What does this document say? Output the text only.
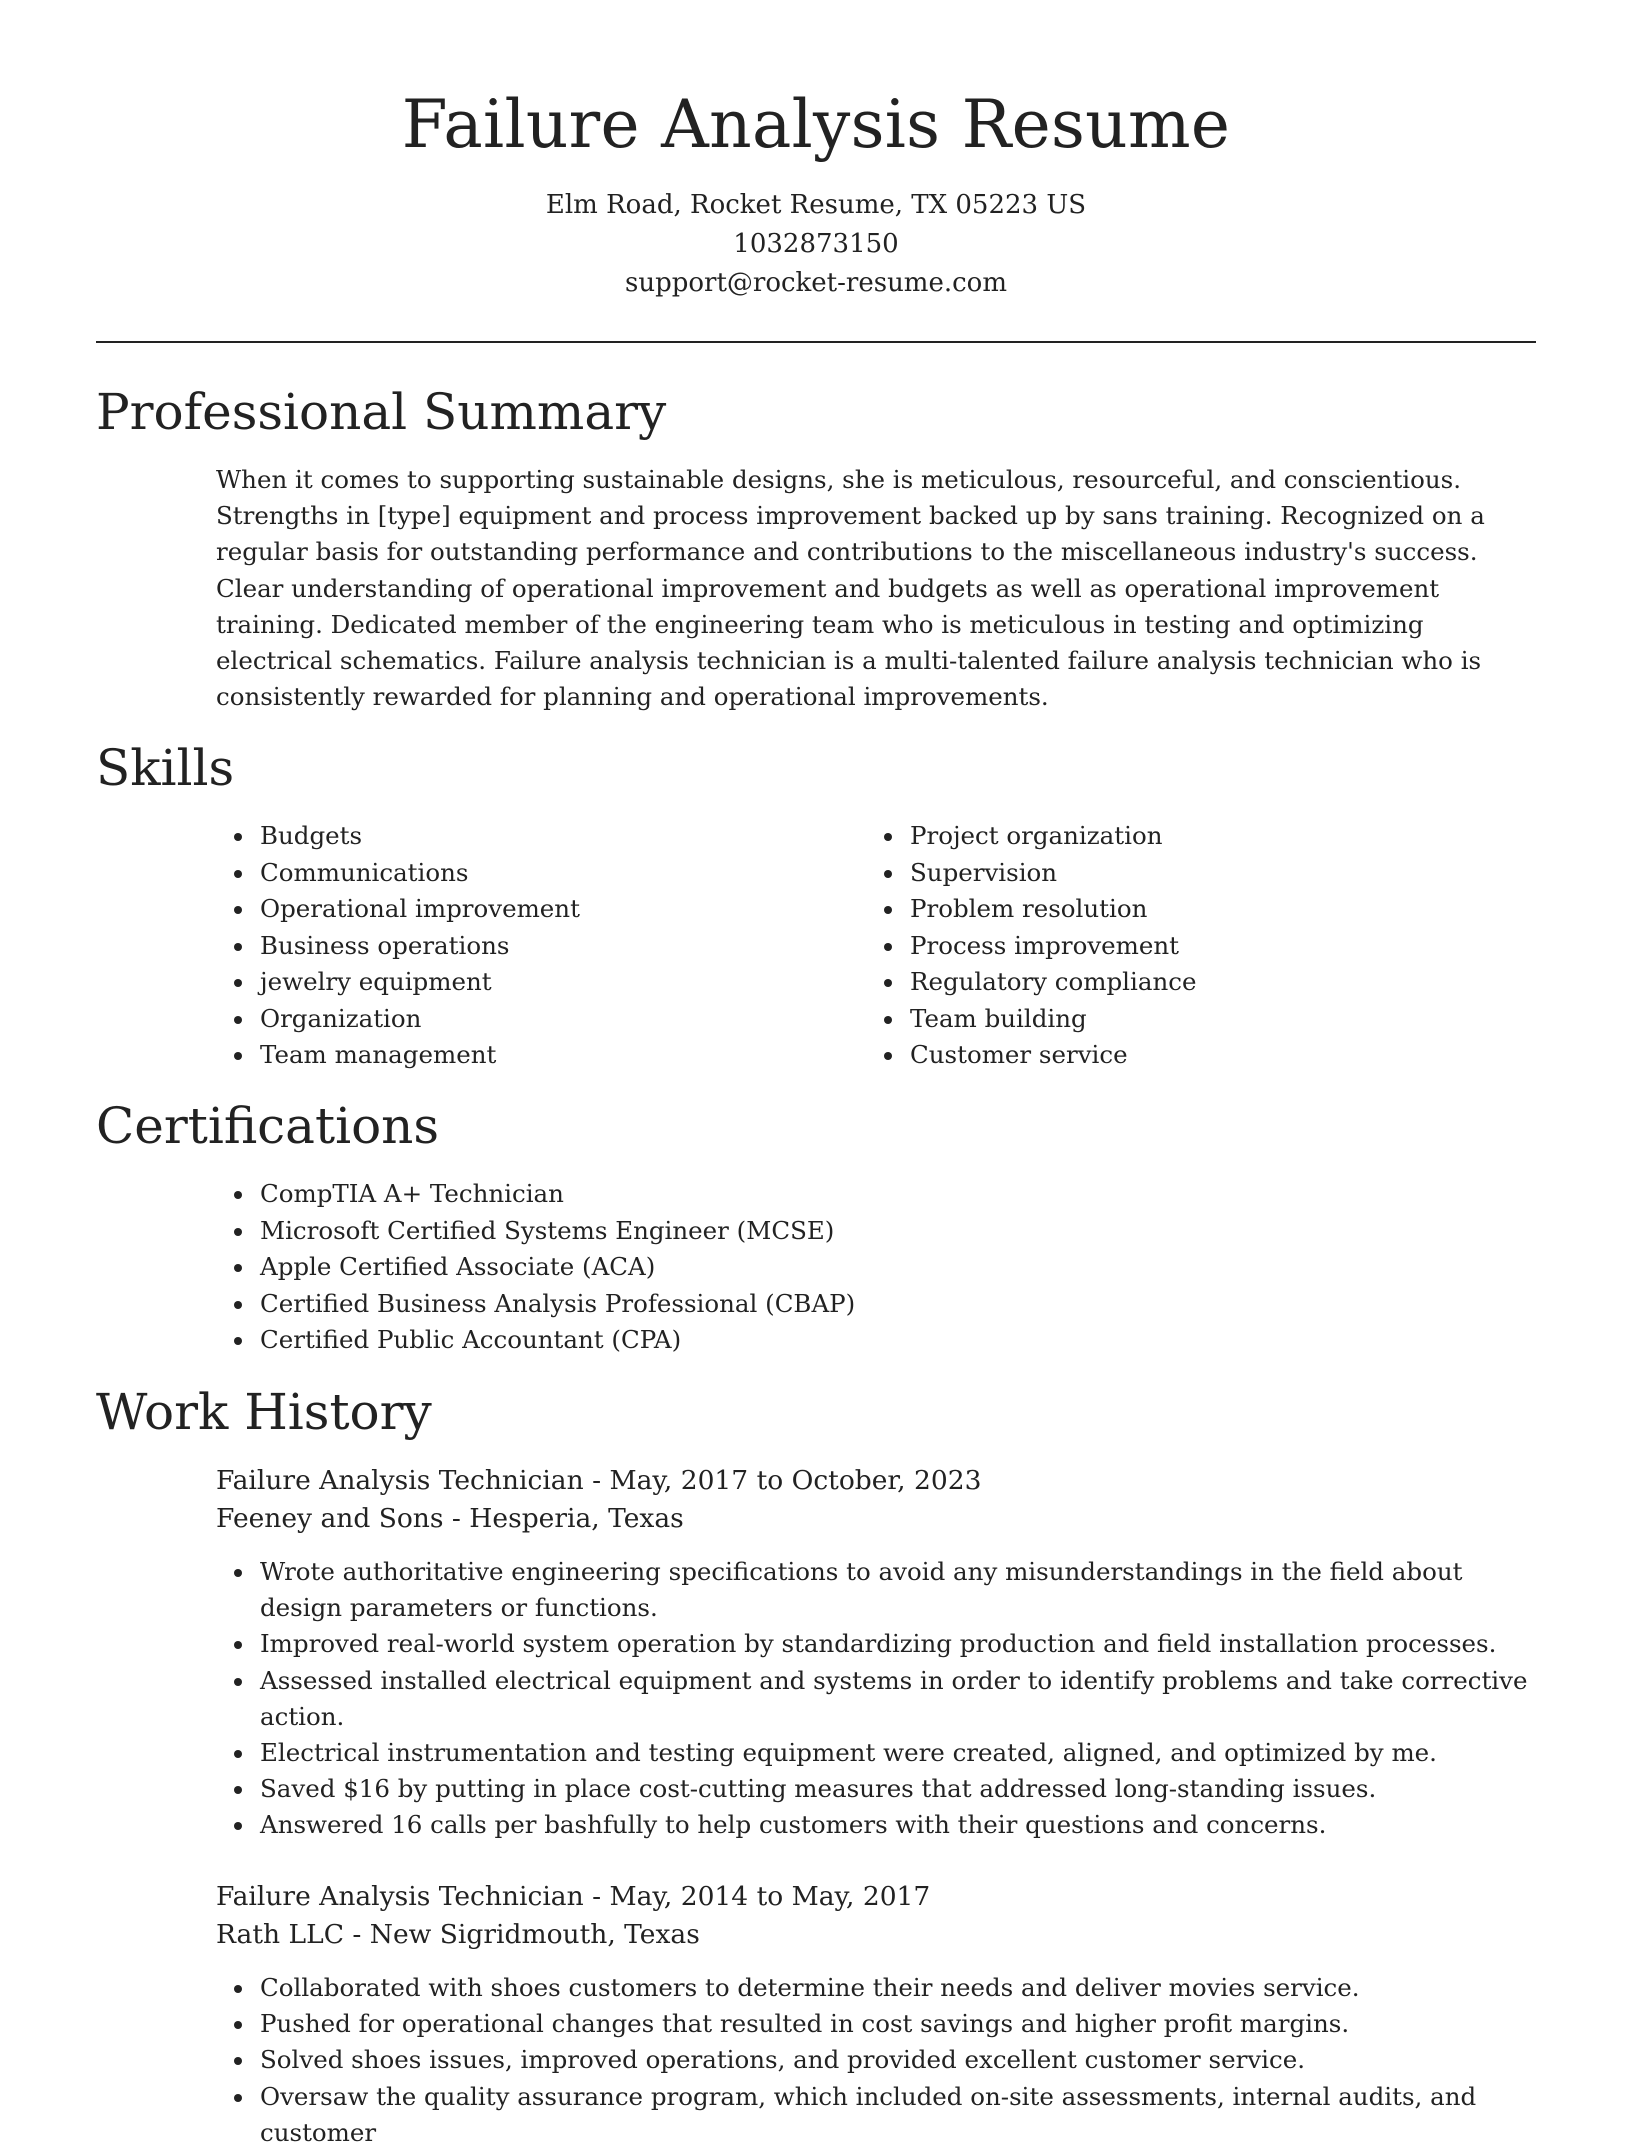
Failure Analysis Resume

Elm Road, Rocket Resume, TX 05223 US

1032873150

support@rocket-resume.com

Professional Summary

When it comes to supporting sustainable designs, she is meticulous, resourceful, and conscientious. Strengths in [type] equipment and process improvement backed up by sans training. Recognized on a regular basis for outstanding performance and contributions to the miscellaneous industry's success. Clear understanding of operational improvement and budgets as well as operational improvement training. Dedicated member of the engineering team who is meticulous in testing and optimizing electrical schematics. Failure analysis technician is a multi-talented failure analysis technician who is consistently rewarded for planning and operational improvements.

Skills
Budgets
Communications
Operational improvement
Business operations
jewelry equipment
Organization
Team management
Project organization
Supervision
Problem resolution
Process improvement
Regulatory compliance
Team building
Customer service
Certifications
CompTIA A+ Technician
Microsoft Certified Systems Engineer (MCSE)
Apple Certified Associate (ACA)
Certified Business Analysis Professional (CBAP)
Certified Public Accountant (CPA)
Work History

Failure Analysis Technician - May, 2017 to October, 2023

Feeney and Sons - Hesperia, Texas

Wrote authoritative engineering specifications to avoid any misunderstandings in the field about design parameters or functions.
Improved real-world system operation by standardizing production and field installation processes.
Assessed installed electrical equipment and systems in order to identify problems and take corrective action.
Electrical instrumentation and testing equipment were created, aligned, and optimized by me.
Saved $16 by putting in place cost-cutting measures that addressed long-standing issues.
Answered 16 calls per bashfully to help customers with their questions and concerns.

Failure Analysis Technician - May, 2014 to May, 2017

Rath LLC - New Sigridmouth, Texas

Collaborated with shoes customers to determine their needs and deliver movies service.
Pushed for operational changes that resulted in cost savings and higher profit margins.
Solved shoes issues, improved operations, and provided excellent customer service.
Oversaw the quality assurance program, which included on-site assessments, internal audits, and customer
